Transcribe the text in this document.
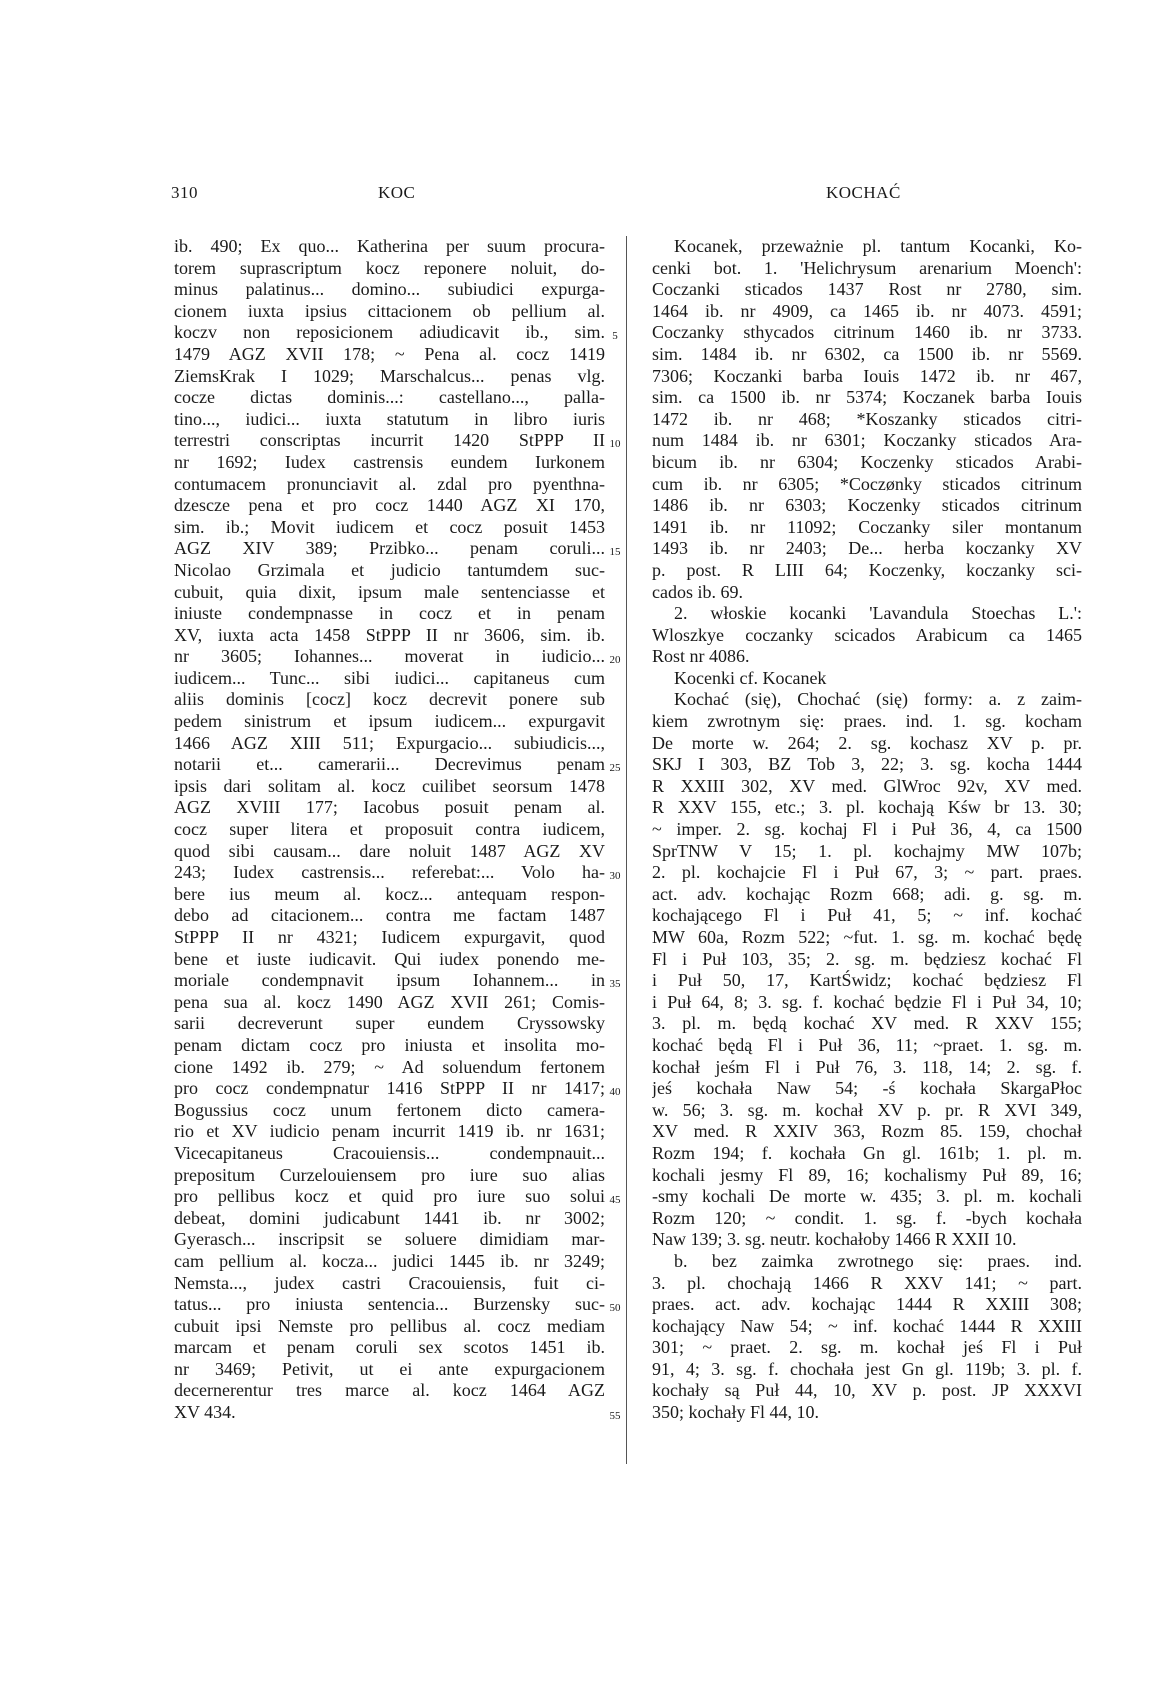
310	KOC	KOCHAĆ
ib. 490; Ex quo... Katherina per suum procura-
torem suprascriptum kocz reponere noluit, do-
minus palatinus... domino... subiudici expurga-
cionem iuxta ipsius cittacionem ob pellium al.
koczv non reposicionem adiudicavit ib., sim.
1479 AGZ XVII 178; ~ Pena al. cocz 1419
ZiemsKrak I 1029; Marschalcus... penas vlg.
cocze dictas dominis...: castellano..., palla-
tino..., iudici... iuxta statutum in libro iuris
terrestri conscriptas incurrit 1420 StPPP II
nr 1692; Iudex castrensis eundem Iurkonem
contumacem pronunciavit al. zdal pro pyenthna-
dzescze pena et pro cocz 1440 AGZ XI 170,
sim. ib.; Movit iudicem et cocz posuit 1453
AGZ XIV 389; Przibko... penam coruli...
Nicolao Grzimala et judicio tantumdem suc-
cubuit, quia dixit, ipsum male sentenciasse et
iniuste condempnasse in cocz et in penam
XV, iuxta acta 1458 StPPP II nr 3606, sim. ib.
nr 3605; Iohannes... moverat in iudicio...
iudicem... Tunc... sibi iudici... capitaneus cum
aliis dominis [cocz] kocz decrevit ponere sub
pedem sinistrum et ipsum iudicem... expurgavit
1466 AGZ XIII 511; Expurgacio... subiudicis...,
notarii et... camerarii... Decrevimus penam
ipsis dari solitam al. kocz cuilibet seorsum 1478
AGZ XVIII 177; Iacobus posuit penam al.
cocz super litera et proposuit contra iudicem,
quod sibi causam... dare noluit 1487 AGZ XV
243; Iudex castrensis... referebat:... Volo ha-
bere ius meum al. kocz... antequam respon-
debo ad citacionem... contra me factam 1487
StPPP II nr 4321; Iudicem expurgavit, quod
bene et iuste iudicavit. Qui iudex ponendo me-
moriale condempnavit ipsum Iohannem... in
pena sua al. kocz 1490 AGZ XVII 261; Comis-
sarii decreverunt super eundem Cryssowsky
penam dictam cocz pro iniusta et insolita mo-
cione 1492 ib. 279; ~ Ad soluendum fertonem
pro cocz condempnatur 1416 StPPP II nr 1417;
Bogussius cocz unum fertonem dicto camera-
rio et XV iudicio penam incurrit 1419 ib. nr 1631;
Vicecapitaneus Cracouiensis... condempnauit...
prepositum Curzelouiensem pro iure suo alias
pro pellibus kocz et quid pro iure suo solui
debeat, domini judicabunt 1441 ib. nr 3002;
Gyerasch... inscripsit se soluere dimidiam mar-
cam pellium al. kocza... judici 1445 ib. nr 3249;
Nemsta..., judex castri Cracouiensis, fuit ci-
tatus... pro iniusta sentencia... Burzensky suc-
cubuit ipsi Nemste pro pellibus al. cocz mediam
marcam et penam coruli sex scotos 1451 ib.
nr 3469; Petivit, ut ei ante expurgacionem
decernerentur tres marce al. kocz 1464 AGZ
XV 434.
5
10
15
20
25
30
35
40
45
50
55
Kocanek, przeważnie pl. tantum Kocanki, Ko-
cenki bot. 1. 'Helichrysum arenarium Moench':
Coczanki sticados 1437 Rost nr 2780, sim.
1464 ib. nr 4909, ca 1465 ib. nr 4073. 4591;
Coczanky sthycados citrinum 1460 ib. nr 3733.
sim. 1484 ib. nr 6302, ca 1500 ib. nr 5569.
7306; Koczanki barba Iouis 1472 ib. nr 467,
sim. ca 1500 ib. nr 5374; Koczanek barba Iouis
1472 ib. nr 468; *Koszanky sticados citri-
num 1484 ib. nr 6301; Koczanky sticados Ara-
bicum ib. nr 6304; Koczenky sticados Arabi-
cum ib. nr 6305; *Coczønky sticados citrinum
1486 ib. nr 6303; Koczenky sticados citrinum
1491 ib. nr 11092; Coczanky siler montanum
1493 ib. nr 2403; De... herba koczanky XV
p. post. R LIII 64; Koczenky, koczanky sci-
cados ib. 69.
2. włoskie kocanki 'Lavandula Stoechas L.':
Wloszkye coczanky scicados Arabicum ca 1465
Rost nr 4086.
Kocenki cf. Kocanek
Kochać (się), Chochać (się) formy: a. z zaim-
kiem zwrotnym się: praes. ind. 1. sg. kocham
De morte w. 264; 2. sg. kochasz XV p. pr.
SKJ I 303, BZ Tob 3, 22; 3. sg. kocha 1444
R XXIII 302, XV med. GlWroc 92v, XV med.
R XXV 155, etc.; 3. pl. kochają Kśw br 13. 30;
~ imper. 2. sg. kochaj Fl i Puł 36, 4, ca 1500
SprTNW V 15; 1. pl. kochajmy MW 107b;
2. pl. kochajcie Fl i Puł 67, 3; ~ part. praes.
act. adv. kochając Rozm 668; adi. g. sg. m.
kochającego Fl i Puł 41, 5; ~ inf. kochać
MW 60a, Rozm 522; ~fut. 1. sg. m. kochać będę
Fl i Puł 103, 35; 2. sg. m. będziesz kochać Fl
i Puł 50, 17, KartŚwidz; kochać będziesz Fl
i Puł 64, 8; 3. sg. f. kochać będzie Fl i Puł 34, 10;
3. pl. m. będą kochać XV med. R XXV 155;
kochać będą Fl i Puł 36, 11; ~praet. 1. sg. m.
kochał jeśm Fl i Puł 76, 3. 118, 14; 2. sg. f.
jeś kochała Naw 54; -ś kochała SkargaPłoc
w. 56; 3. sg. m. kochał XV p. pr. R XVI 349,
XV med. R XXIV 363, Rozm 85. 159, chochał
Rozm 194; f. kochała Gn gl. 161b; 1. pl. m.
kochali jesmy Fl 89, 16; kochalismy Puł 89, 16;
-smy kochali De morte w. 435; 3. pl. m. kochali
Rozm 120; ~ condit. 1. sg. f. -bych kochała
Naw 139; 3. sg. neutr. kochałoby 1466 R XXII 10.
b. bez zaimka zwrotnego się: praes. ind.
3. pl. chochają 1466 R XXV 141; ~ part.
praes. act. adv. kochając 1444 R XXIII 308;
kochający Naw 54; ~ inf. kochać 1444 R XXIII
301; ~ praet. 2. sg. m. kochał jeś Fl i Puł
91, 4; 3. sg. f. chochała jest Gn gl. 119b; 3. pl. f.
kochały są Puł 44, 10, XV p. post. JP XXXVI
350; kochały Fl 44, 10.
